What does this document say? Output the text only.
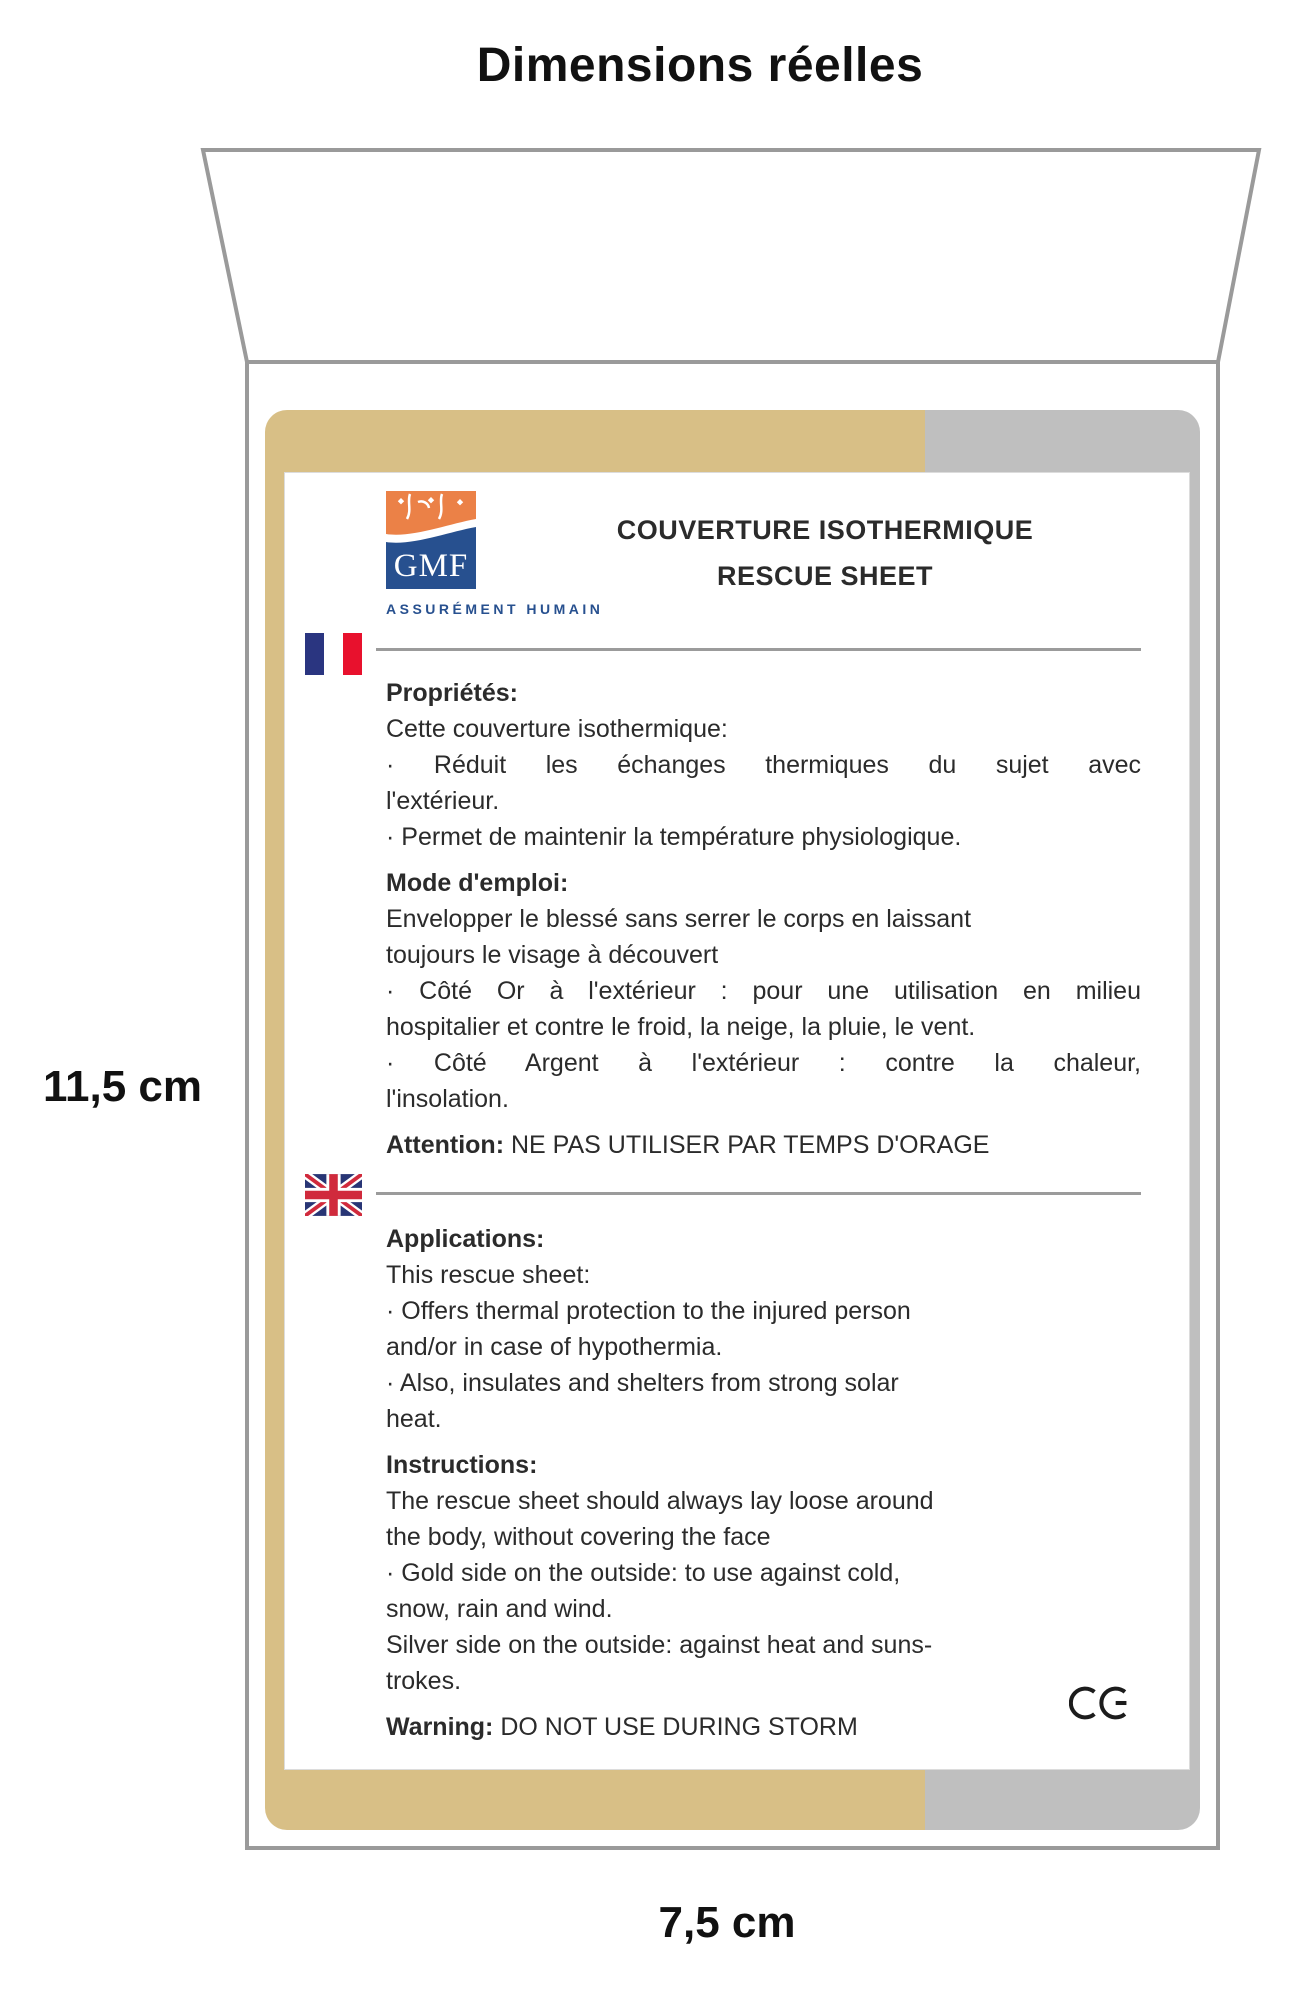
Dimensions réelles
GMF
ASSURÉMENT HUMAIN
COUVERTURE ISOTHERMIQUE
RESCUE SHEET
Propriétés:
Cette couverture isothermique:
· Réduit les échanges thermiques du sujet avec
l'extérieur.
· Permet de maintenir la température physiologique.
Mode d'emploi:
Envelopper le blessé sans serrer le corps en laissant
toujours le visage à découvert
· Côté Or à l'extérieur : pour une utilisation en milieu
hospitalier et contre le froid, la neige, la pluie, le vent.
· Côté Argent à l'extérieur : contre la chaleur,
l'insolation.
Attention: NE PAS UTILISER PAR TEMPS D'ORAGE
Applications:
This rescue sheet:
· Offers thermal protection to the injured person
and/or in case of hypothermia.
· Also, insulates and shelters from strong solar
heat.
Instructions:
The rescue sheet should always lay loose around
the body, without covering the face
· Gold side on the outside: to use against cold,
snow, rain and wind.
Silver side on the outside: against heat and suns-
trokes.
Warning: DO NOT USE DURING STORM
11,5 cm
7,5 cm
